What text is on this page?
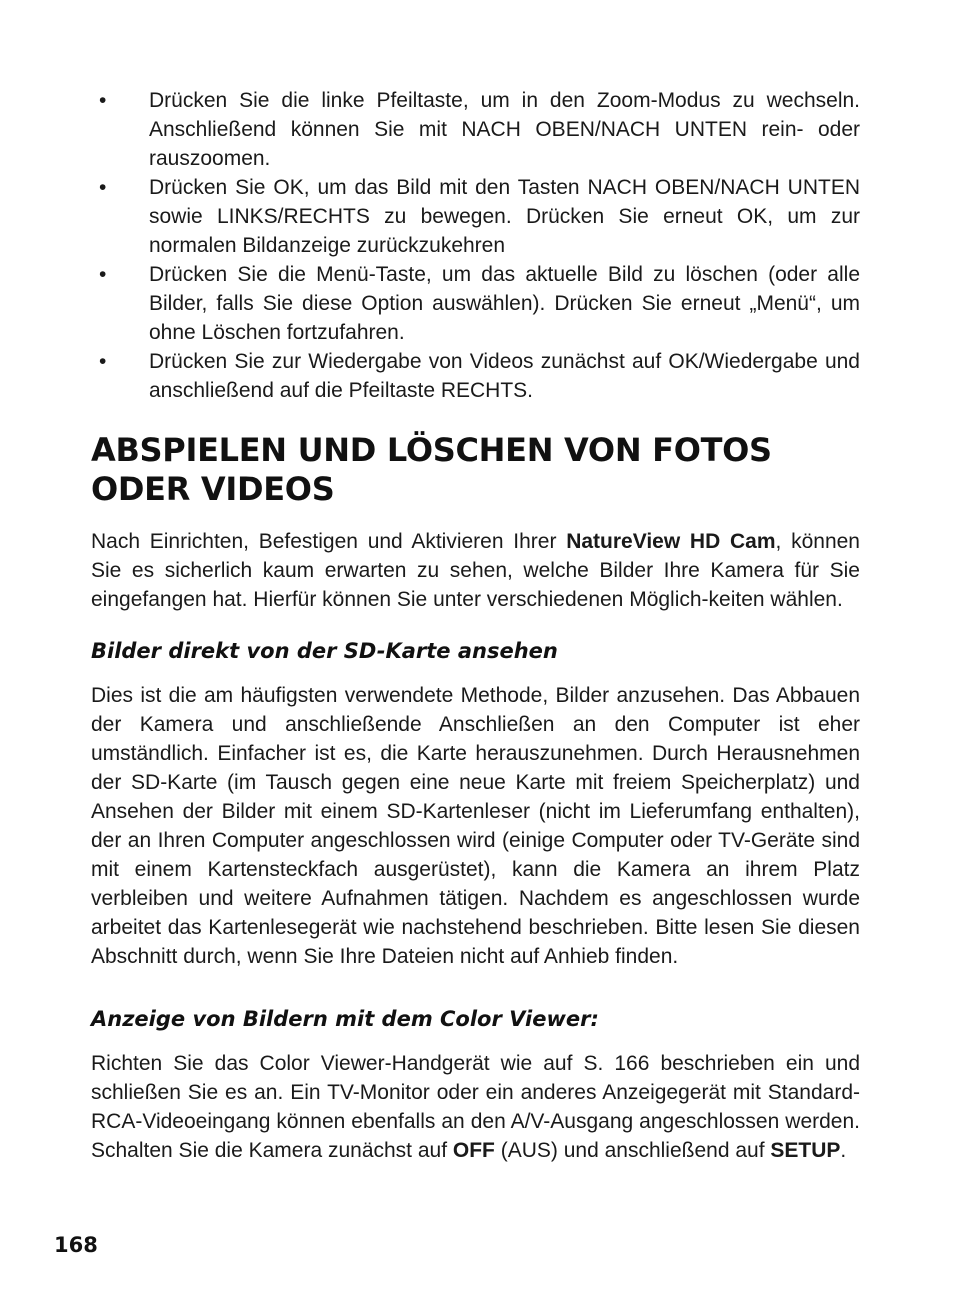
• Drücken Sie die linke Pfeiltaste, um in den Zoom-Modus zu wechseln. Anschließend können Sie mit NACH OBEN/NACH UNTEN rein- oder rauszoomen.
• Drücken Sie OK, um das Bild mit den Tasten NACH OBEN/NACH UNTEN sowie LINKS/RECHTS zu bewegen. Drücken Sie erneut OK, um zur normalen Bildanzeige zurückzukehren
• Drücken Sie die Menü-Taste, um das aktuelle Bild zu löschen (oder alle Bilder, falls Sie diese Option auswählen). Drücken Sie erneut „Menü“, um ohne Löschen fortzufahren.
• Drücken Sie zur Wiedergabe von Videos zunächst auf OK/Wiedergabe und anschließend auf die Pfeiltaste RECHTS.
ABSPIELEN UND LÖSCHEN VON FOTOS ODER VIDEOS

Nach Einrichten, Befestigen und Aktivieren Ihrer NatureView HD Cam, können Sie es sicherlich kaum erwarten zu sehen, welche Bilder Ihre Kamera für Sie eingefangen hat. Hierfür können Sie unter verschiedenen Möglich-keiten wählen.

Bilder direkt von der SD-Karte ansehen

Dies ist die am häufigsten verwendete Methode, Bilder anzusehen. Das Abbauen der Kamera und anschließende Anschließen an den Computer ist eher umständlich. Einfacher ist es, die Karte herauszunehmen. Durch Herausnehmen der SD-Karte (im Tausch gegen eine neue Karte mit freiem Speicherplatz) und Ansehen der Bilder mit einem SD-Kartenleser (nicht im Lieferumfang enthalten), der an Ihren Computer angeschlossen wird (einige Computer oder TV-Geräte sind mit einem Kartensteckfach ausgerüstet), kann die Kamera an ihrem Platz verbleiben und weitere Aufnahmen tätigen. Nachdem es angeschlossen wurde arbeitet das Kartenlesegerät wie nachstehend beschrieben. Bitte lesen Sie diesen Abschnitt durch, wenn Sie Ihre Dateien nicht auf Anhieb finden.

Anzeige von Bildern mit dem Color Viewer:

Richten Sie das Color Viewer-Handgerät wie auf S. 166 beschrieben ein und schließen Sie es an. Ein TV-Monitor oder ein anderes Anzeigegerät mit Standard-RCA-Videoeingang können ebenfalls an den A/V-Ausgang angeschlossen werden. Schalten Sie die Kamera zunächst auf OFF (AUS) und anschließend auf SETUP.

168
